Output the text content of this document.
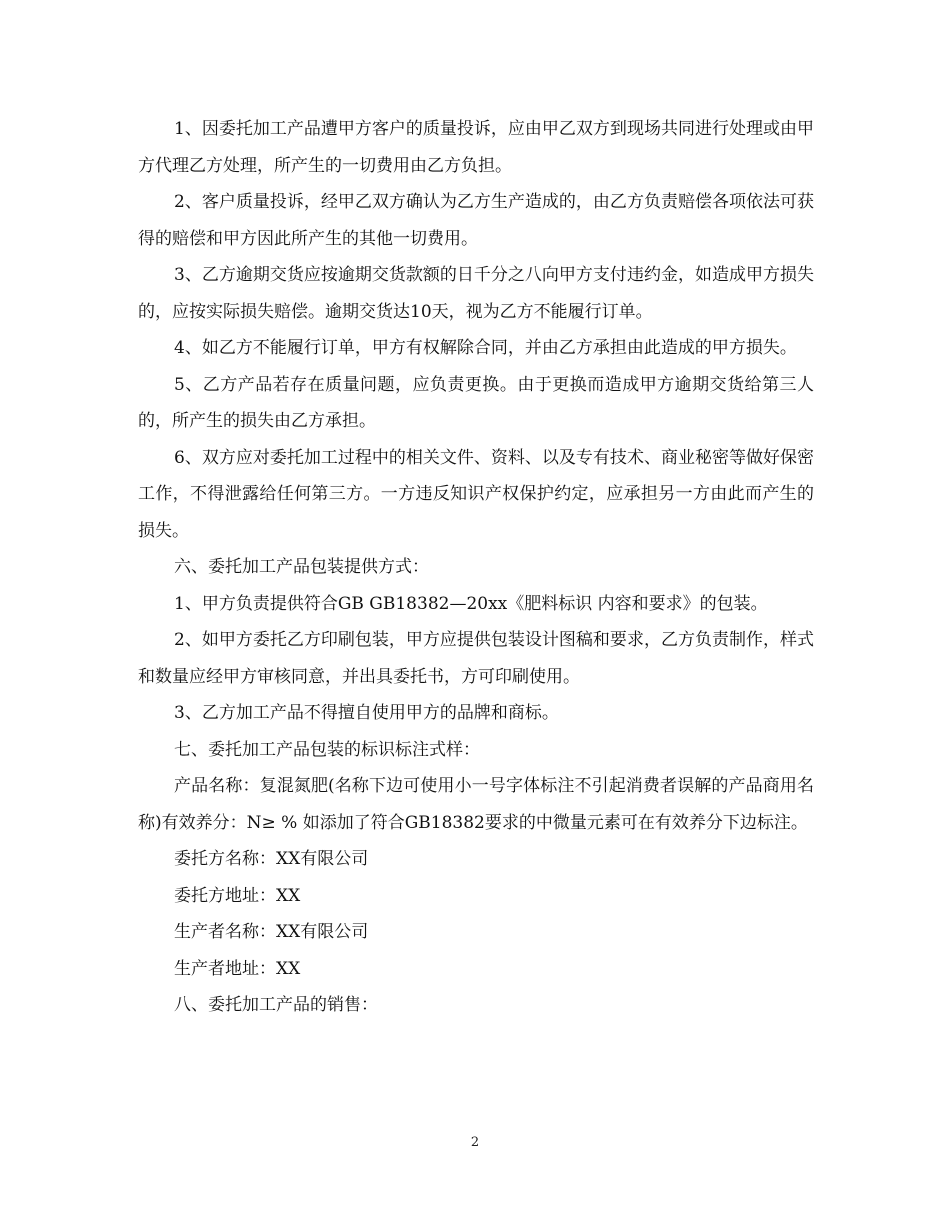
1、因委托加工产品遭甲方客户的质量投诉，应由甲乙双方到现场共同进行处理或由甲方代理乙方处理，所产生的一切费用由乙方负担。

2、客户质量投诉，经甲乙双方确认为乙方生产造成的，由乙方负责赔偿各项依法可获得的赔偿和甲方因此所产生的其他一切费用。

3、乙方逾期交货应按逾期交货款额的日千分之八向甲方支付违约金，如造成甲方损失的，应按实际损失赔偿。逾期交货达10天，视为乙方不能履行订单。

4、如乙方不能履行订单，甲方有权解除合同，并由乙方承担由此造成的甲方损失。

5、乙方产品若存在质量问题，应负责更换。由于更换而造成甲方逾期交货给第三人的，所产生的损失由乙方承担。

6、双方应对委托加工过程中的相关文件、资料、以及专有技术、商业秘密等做好保密工作，不得泄露给任何第三方。一方违反知识产权保护约定，应承担另一方由此而产生的损失。

六、委托加工产品包装提供方式：

1、甲方负责提供符合GB GB18382—20xx《肥料标识 内容和要求》的包装。

2、如甲方委托乙方印刷包装，甲方应提供包装设计图稿和要求，乙方负责制作，样式和数量应经甲方审核同意，并出具委托书，方可印刷使用。

3、乙方加工产品不得擅自使用甲方的品牌和商标。

七、委托加工产品包装的标识标注式样：

产品名称：复混氮肥(名称下边可使用小一号字体标注不引起消费者误解的产品商用名称)有效养分：N≥ % 如添加了符合GB18382要求的中微量元素可在有效养分下边标注。

委托方名称：XX有限公司

委托方地址：XX

生产者名称：XX有限公司

生产者地址：XX

八、委托加工产品的销售：

2
